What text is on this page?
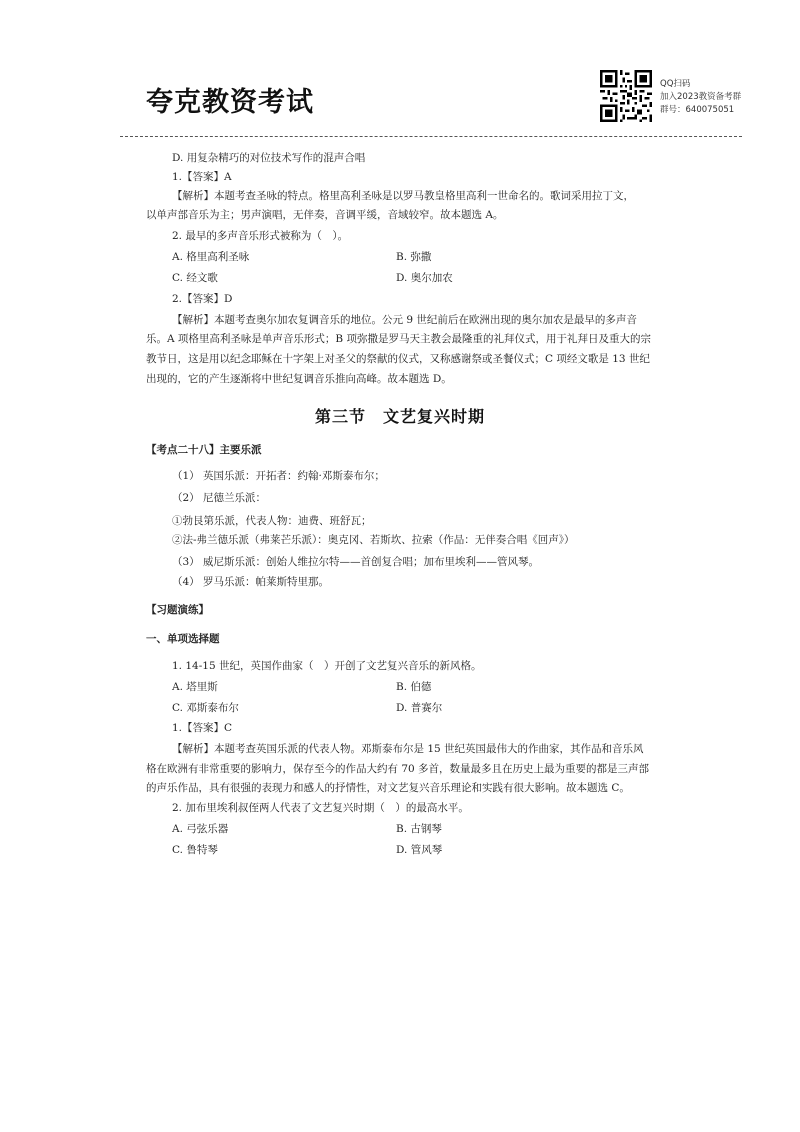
夸克教资考试
QQ扫码
加入2023教资备考群
群号：640075051
D. 用复杂精巧的对位技术写作的混声合唱
1.【答案】A
【解析】本题考查圣咏的特点。格里高利圣咏是以罗马教皇格里高利一世命名的。歌词采用拉丁文，
以单声部音乐为主；男声演唱，无伴奏，音调平缓，音域较窄。故本题选 A。
2. 最早的多声音乐形式被称为（　）。
A. 格里高利圣咏	B. 弥撒
C. 经文歌	D. 奥尔加农
2.【答案】D
【解析】本题考查奥尔加农复调音乐的地位。公元 9 世纪前后在欧洲出现的奥尔加农是最早的多声音
乐。A 项格里高利圣咏是单声音乐形式；B 项弥撒是罗马天主教会最隆重的礼拜仪式，用于礼拜日及重大的宗
教节日，这是用以纪念耶稣在十字架上对圣父的祭献的仪式，又称感谢祭或圣餐仪式；C 项经文歌是 13 世纪
出现的，它的产生逐渐将中世纪复调音乐推向高峰。故本题选 D。
第三节　文艺复兴时期
【考点二十八】主要乐派
（1） 英国乐派：开拓者：约翰·邓斯泰布尔；
（2） 尼德兰乐派：
①勃艮第乐派，代表人物：迪费、班舒瓦；
②法-弗兰德乐派（弗莱芒乐派）：奥克冈、若斯坎、拉索（作品：无伴奏合唱《回声》）
（3） 威尼斯乐派：创始人维拉尔特——首创复合唱；加布里埃利——管风琴。
（4） 罗马乐派：帕莱斯特里那。
【习题演练】
一、单项选择题
1. 14-15 世纪，英国作曲家（　）开创了文艺复兴音乐的新风格。
A. 塔里斯	B. 伯德
C. 邓斯泰布尔	D. 普赛尔
1.【答案】C
【解析】本题考查英国乐派的代表人物。邓斯泰布尔是 15 世纪英国最伟大的作曲家，其作品和音乐风
格在欧洲有非常重要的影响力，保存至今的作品大约有 70 多首，数量最多且在历史上最为重要的都是三声部
的声乐作品，具有很强的表现力和感人的抒情性，对文艺复兴音乐理论和实践有很大影响。故本题选 C。
2. 加布里埃利叔侄两人代表了文艺复兴时期（　）的最高水平。
A. 弓弦乐器	B. 古钢琴
C. 鲁特琴	D. 管风琴
